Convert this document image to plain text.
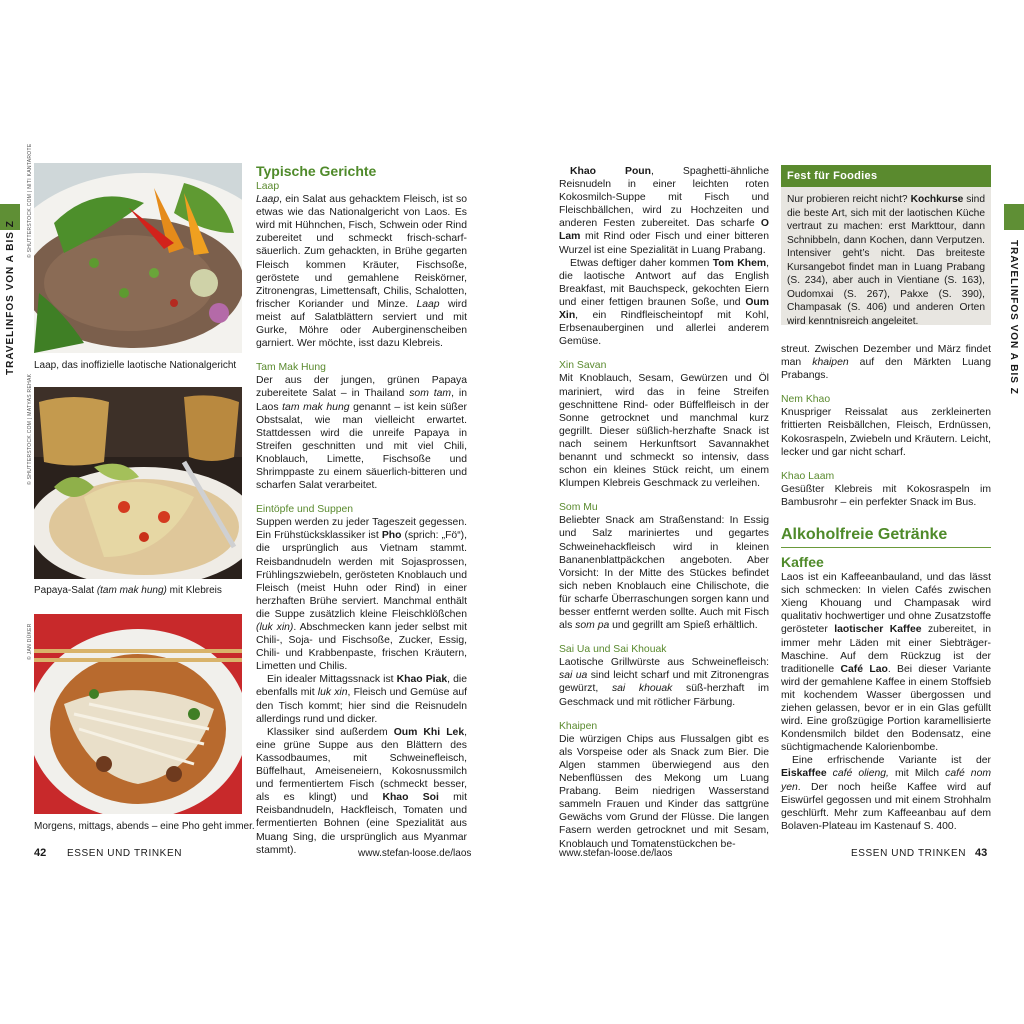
TRAVELINFOS VON A BIS Z	TRAVELINFOS VON A BIS Z
© SHUTTERSTOCK.COM | NITI KANTAROTE
Laap, das inoffizielle laotische Nationalgericht
© SHUTTERSTOCK.COM | MATYAS REHAK
Papaya-Salat (tam mak hung) mit Klebreis
© JAN DÜKER
Morgens, mittags, abends – eine Pho geht immer.

Typische Gerichte

Laap

Laap, ein Salat aus gehacktem Fleisch, ist so etwas wie das Nationalgericht von Laos. Es wird mit Hühnchen, Fisch, Schwein oder Rind zubereitet und schmeckt frisch-scharf-säuerlich. Zum gehackten, in Brühe gegarten Fleisch kommen Kräuter, Fischsoße, geröstete und gemahlene Reiskörner, Zitronengras, Limettensaft, Chilis, Schalotten, frischer Koriander und Minze. Laap wird meist auf Salatblättern serviert und mit Gurke, Möhre oder Auberginenscheiben garniert. Wer möchte, isst dazu Klebreis.

Tam Mak Hung

Der aus der jungen, grünen Papaya zubereitete Salat – in Thailand som tam, in Laos tam mak hung genannt – ist kein süßer Obstsalat, wie man vielleicht erwartet. Stattdessen wird die unreife Papaya in Streifen geschnitten und mit viel Chili, Knoblauch, Limette, Fischsoße und Shrimppaste zu einem säuerlich-bitteren und scharfen Salat verarbeitet.

Eintöpfe und Suppen

Suppen werden zu jeder Tageszeit gegessen. Ein Frühstücksklassiker ist Pho (sprich: „Fö“), die ursprünglich aus Vietnam stammt. Reisbandnudeln werden mit Sojasprossen, Frühlingszwiebeln, gerösteten Knoblauch und Fleisch (meist Huhn oder Rind) in einer herzhaften Brühe serviert. Manchmal enthält die Suppe zusätzlich kleine Fleischklößchen (luk xin). Abschmecken kann jeder selbst mit Chili-, Soja- und Fischsoße, Zucker, Essig, Chili- und Krabbenpaste, frischen Kräutern, Limetten und Chilis.

Ein idealer Mittagssnack ist Khao Piak, die ebenfalls mit luk xin, Fleisch und Gemüse auf den Tisch kommt; hier sind die Reisnudeln allerdings rund und dicker.

Klassiker sind außerdem Oum Khi Lek, eine grüne Suppe aus den Blättern des Kassodbaumes, mit Schweinefleisch, Büffelhaut, Ameiseneiern, Kokosnussmilch und fermentiertem Fisch (schmeckt besser, als es klingt) und Khao Soi mit Reisbandnudeln, Hackfleisch, Tomaten und fermentierten Bohnen (eine Spezialität aus Muang Sing, die ursprünglich aus Myanmar stammt).

Khao Poun, Spaghetti-ähnliche Reisnudeln in einer leichten roten Kokosmilch-Suppe mit Fisch und Fleischbällchen, wird zu Hochzeiten und anderen Festen zubereitet. Das scharfe O Lam mit Rind oder Fisch und einer bitteren Wurzel ist eine Spezialität in Luang Prabang.

Etwas deftiger daher kommen Tom Khem, die laotische Antwort auf das English Breakfast, mit Bauchspeck, gekochten Eiern und einer fettigen braunen Soße, und Oum Xin, ein Rindfleischeintopf mit Kohl, Erbsenauberginen und allerlei anderem Gemüse.

Xin Savan

Mit Knoblauch, Sesam, Gewürzen und Öl mariniert, wird das in feine Streifen geschnittene Rind- oder Büffelfleisch in der Sonne getrocknet und manchmal kurz gegrillt. Dieser süßlich-herzhafte Snack ist nach seinem Herkunftsort Savannakhet benannt und schmeckt so intensiv, dass schon ein kleines Stück reicht, um einem Klumpen Klebreis Geschmack zu verleihen.

Som Mu

Beliebter Snack am Straßenstand: In Essig und Salz mariniertes und gegartes Schweinehackfleisch wird in kleinen Bananenblattpäckchen angeboten. Aber Vorsicht: In der Mitte des Stückes befindet sich neben Knoblauch eine Chilischote, die für scharfe Überraschungen sorgen kann und besser entfernt werden sollte. Auch mit Fisch als som pa und gegrillt am Spieß erhältlich.

Sai Ua und Sai Khouak

Laotische Grillwürste aus Schweinefleisch: sai ua sind leicht scharf und mit Zitronengras gewürzt, sai khouak süß-herzhaft im Geschmack und mit rötlicher Färbung.

Khaipen

Die würzigen Chips aus Flussalgen gibt es als Vorspeise oder als Snack zum Bier. Die Algen stammen überwiegend aus den Nebenflüssen des Mekong um Luang Prabang. Beim niedrigen Wasserstand sammeln Frauen und Kinder das sattgrüne Gewächs vom Grund der Flüsse. Die langen Fasern werden getrocknet und mit Sesam, Knoblauch und Tomatenstückchen be-

Fest für Foodies
Nur probieren reicht nicht? Kochkurse sind die beste Art, sich mit der laotischen Küche vertraut zu machen: erst Markttour, dann Schnibbeln, dann Kochen, dann Verputzen. Intensiver geht’s nicht. Das breiteste Kursangebot findet man in Luang Prabang (S. 234), aber auch in Vientiane (S. 163), Oudomxai (S. 267), Pakxe (S. 390), Champasak (S. 406) und anderen Orten wird kenntnisreich angeleitet.

streut. Zwischen Dezember und März findet man khaipen auf den Märkten Luang Prabangs.

Nem Khao

Knuspriger Reissalat aus zerkleinerten frittierten Reisbällchen, Fleisch, Erdnüssen, Kokosraspeln, Zwiebeln und Kräutern. Leicht, lecker und gar nicht scharf.

Khao Laam

Gesüßter Klebreis mit Kokosraspeln im Bambusrohr – ein perfekter Snack im Bus.

Alkoholfreie Getränke

Kaffee

Laos ist ein Kaffeeanbauland, und das lässt sich schmecken: In vielen Cafés zwischen Xieng Khouang und Champasak wird qualitativ hochwertiger und ohne Zusatzstoffe gerösteter laotischer Kaffee zubereitet, in immer mehr Läden mit einer Siebträger-Maschine. Auf dem Rückzug ist der traditionelle Café Lao. Bei dieser Variante wird der gemahlene Kaffee in einem Stoffsieb mit kochendem Wasser übergossen und ziehen gelassen, bevor er in ein Glas gefüllt wird. Eine großzügige Portion karamellisierte Kondensmilch bildet den Bodensatz, eine süchtigmachende Kalorienbombe.

Eine erfrischende Variante ist der Eiskaffee café olieng, mit Milch café nom yen. Der noch heiße Kaffee wird auf Eiswürfel gegossen und mit einem Strohhalm geschlürft. Mehr zum Kaffeeanbau auf dem Bolaven-Plateau im Kastenauf S. 400.

42 ESSEN UND TRINKEN	www.stefan-loose.de/laos	www.stefan-loose.de/laos	ESSEN UND TRINKEN 43
